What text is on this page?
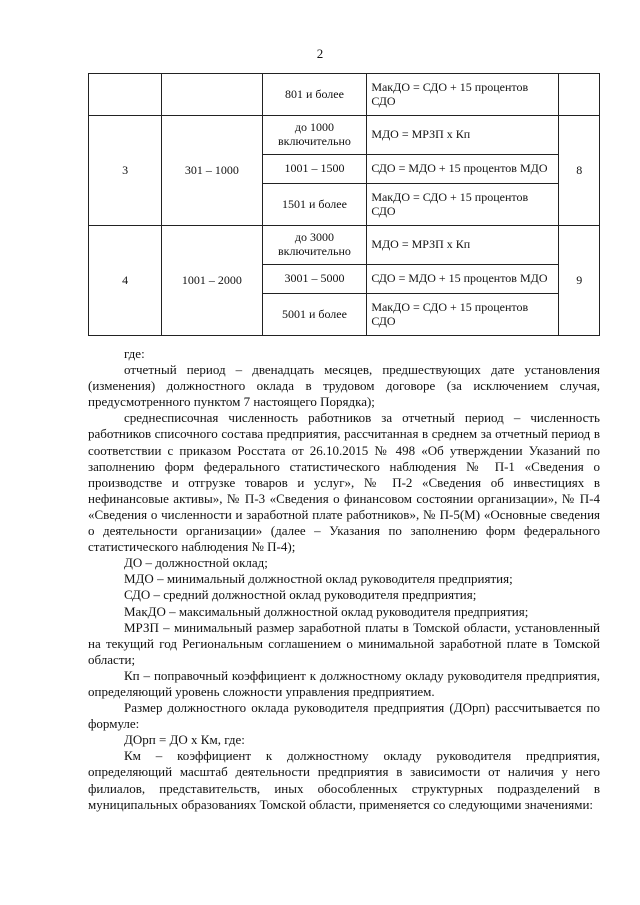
2
		801 и более	МакДО = СДО + 15 процентов СДО	
3	301 – 1000	до 1000 включительно	МДО = МРЗП х Кп	8
		1001 – 1500	СДО = МДО + 15 процентов МДО	
		1501 и более	МакДО = СДО + 15 процентов СДО	
4	1001 – 2000	до 3000 включительно	МДО = МРЗП х Кп	9
		3001 – 5000	СДО = МДО + 15 процентов МДО	
		5001 и более	МакДО = СДО + 15 процентов СДО	

где:

отчетный период – двенадцать месяцев, предшествующих дате установления (изменения) должностного оклада в трудовом договоре (за исключением случая, предусмотренного пунктом 7 настоящего Порядка);

среднесписочная численность работников за отчетный период – численность работников списочного состава предприятия, рассчитанная в среднем за отчетный период в соответствии с приказом Росстата от 26.10.2015 № 498 «Об утверждении Указаний по заполнению форм федерального статистического наблюдения № П-1 «Сведения о производстве и отгрузке товаров и услуг», № П-2 «Сведения об инвестициях в нефинансовые активы», № П-3 «Сведения о финансовом состоянии организации», № П-4 «Сведения о численности и заработной плате работников», № П-5(М) «Основные сведения о деятельности организации» (далее – Указания по заполнению форм федерального статистического наблюдения № П-4);

ДО – должностной оклад;

МДО – минимальный должностной оклад руководителя предприятия;

СДО – средний должностной оклад руководителя предприятия;

МакДО – максимальный должностной оклад руководителя предприятия;

МРЗП – минимальный размер заработной платы в Томской области, установленный на текущий год Региональным соглашением о минимальной заработной плате в Томской области;

Кп – поправочный коэффициент к должностному окладу руководителя предприятия, определяющий уровень сложности управления предприятием.

Размер должностного оклада руководителя предприятия (ДОрп) рассчитывается по формуле:

ДОрп = ДО х Км, где:

Км – коэффициент к должностному окладу руководителя предприятия, определяющий масштаб деятельности предприятия в зависимости от наличия у него филиалов, представительств, иных обособленных структурных подразделений в муниципальных образованиях Томской области, применяется со следующими значениями:
